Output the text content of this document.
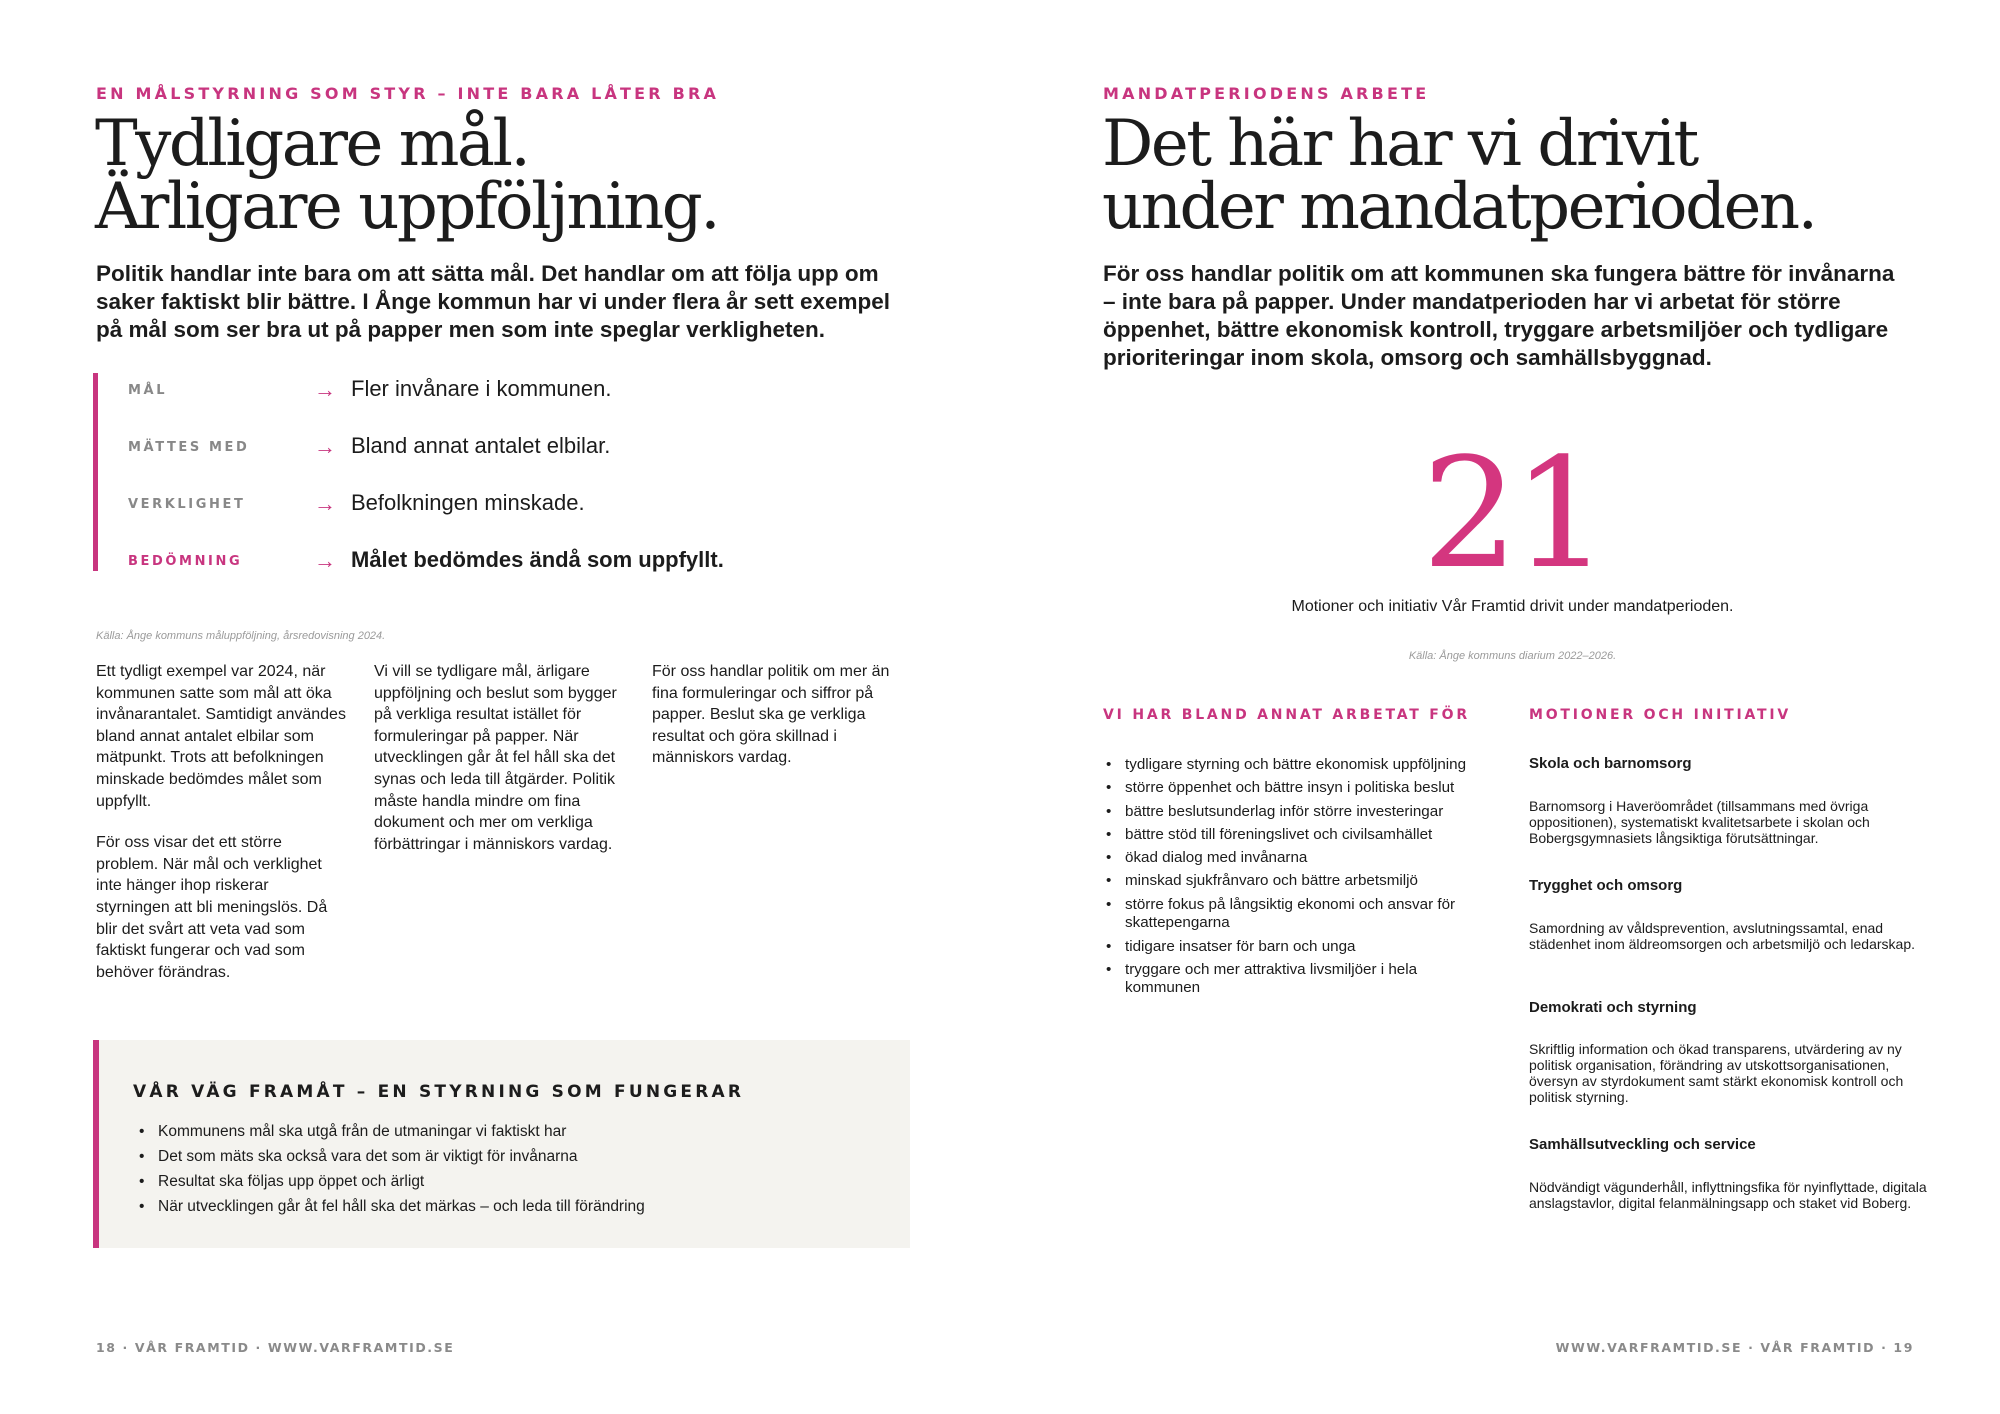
EN MÅLSTYRNING SOM STYR – INTE BARA LÅTER BRA
Tydligare mål.
Ärligare uppföljning.
Politik handlar inte bara om att sätta mål. Det handlar om att följa upp om saker faktiskt blir bättre. I Ånge kommun har vi under flera år sett exempel på mål som ser bra ut på papper men som inte speglar verkligheten.
MÅL	→ Fler invånare i kommunen.
MÄTTES MED	→ Bland annat antalet elbilar.
VERKLIGHET	→ Befolkningen minskade.
BEDÖMNING	→ Målet bedömdes ändå som uppfyllt.
Källa: Ånge kommuns måluppföljning, årsredovisning 2024.

Ett tydligt exempel var 2024, när kommunen satte som mål att öka invånarantalet. Samtidigt användes bland annat antalet elbilar som mätpunkt. Trots att befolkningen minskade bedömdes målet som uppfyllt.

För oss visar det ett större problem. När mål och verklighet inte hänger ihop riskerar styrningen att bli meningslös. Då blir det svårt att veta vad som faktiskt fungerar och vad som behöver förändras.

Vi vill se tydligare mål, ärligare uppföljning och beslut som bygger på verkliga resultat istället för formuleringar på papper. När utvecklingen går åt fel håll ska det synas och leda till åtgärder. Politik måste handla mindre om fina dokument och mer om verkliga förbättringar i människors vardag.

För oss handlar politik om mer än fina formuleringar och siffror på papper. Beslut ska ge verkliga resultat och göra skillnad i människors vardag.

VÅR VÄG FRAMÅT – EN STYRNING SOM FUNGERAR
• Kommunens mål ska utgå från de utmaningar vi faktiskt har
• Det som mäts ska också vara det som är viktigt för invånarna
• Resultat ska följas upp öppet och ärligt
• När utvecklingen går åt fel håll ska det märkas – och leda till förändring
18 · VÅR FRAMTID · WWW.VARFRAMTID.SE
MANDATPERIODENS ARBETE
Det här har vi drivit
under mandatperioden.
För oss handlar politik om att kommunen ska fungera bättre för invånarna – inte bara på papper. Under mandatperioden har vi arbetat för större öppenhet, bättre ekonomisk kontroll, tryggare arbetsmiljöer och tydligare prioriteringar inom skola, omsorg och samhällsbyggnad.
21
Motioner och initiativ Vår Framtid drivit under mandatperioden.
Källa: Ånge kommuns diarium 2022–2026.
VI HAR BLAND ANNAT ARBETAT FÖR
• tydligare styrning och bättre ekonomisk uppföljning
• större öppenhet och bättre insyn i politiska beslut
• bättre beslutsunderlag inför större investeringar
• bättre stöd till föreningslivet och civilsamhället
• ökad dialog med invånarna
• minskad sjukfrånvaro och bättre arbetsmiljö
• större fokus på långsiktig ekonomi och ansvar för skattepengarna
• tidigare insatser för barn och unga
• tryggare och mer attraktiva livsmiljöer i hela kommunen
MOTIONER OCH INITIATIV
Skola och barnomsorg
Barnomsorg i Haveröområdet (tillsammans med övriga oppositionen), systematiskt kvalitetsarbete i skolan och Bobergsgymnasiets långsiktiga förutsättningar.
Trygghet och omsorg
Samordning av våldsprevention, avslutningssamtal, enad städenhet inom äldreomsorgen och arbetsmiljö och ledarskap.
Demokrati och styrning
Skriftlig information och ökad transparens, utvärdering av ny politisk organisation, förändring av utskottsorganisationen, översyn av styrdokument samt stärkt ekonomisk kontroll och politisk styrning.
Samhällsutveckling och service
Nödvändigt vägunderhåll, inflyttningsfika för nyinflyttade, digitala anslagstavlor, digital felanmälningsapp och staket vid Boberg.
WWW.VARFRAMTID.SE · VÅR FRAMTID · 19
